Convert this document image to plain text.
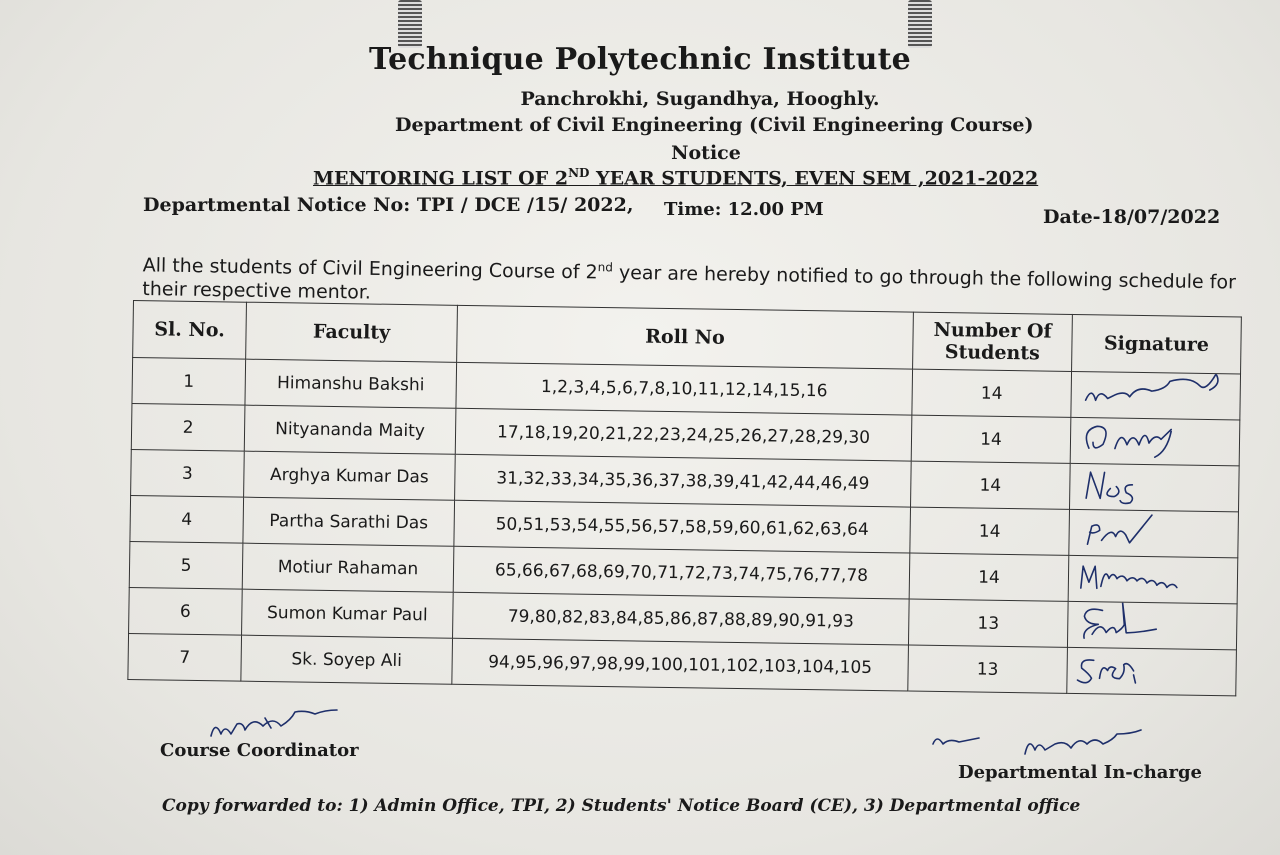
Technique Polytechnic Institute
Panchrokhi, Sugandhya, Hooghly.
Department of Civil Engineering (Civil Engineering Course)
Notice
MENTORING LIST OF 2ND YEAR STUDENTS, EVEN SEM ,2021-2022
Departmental Notice No: TPI / DCE /15/ 2022, Time: 12.00 PM	Date-18/07/2022
All the students of Civil Engineering Course of 2nd year are hereby notified to go through the following schedule for their respective mentor.
Sl. No.	Faculty	Roll No	Number Of Students	Signature
1	Himanshu Bakshi	1,2,3,4,5,6,7,8,10,11,12,14,15,16	14	
2	Nityananda Maity	17,18,19,20,21,22,23,24,25,26,27,28,29,30	14	
3	Arghya Kumar Das	31,32,33,34,35,36,37,38,39,41,42,44,46,49	14	
4	Partha Sarathi Das	50,51,53,54,55,56,57,58,59,60,61,62,63,64	14	
5	Motiur Rahaman	65,66,67,68,69,70,71,72,73,74,75,76,77,78	14	
6	Sumon Kumar Paul	79,80,82,83,84,85,86,87,88,89,90,91,93	13	
7	Sk. Soyep Ali	94,95,96,97,98,99,100,101,102,103,104,105	13	
Course Coordinator
Departmental In-charge
Copy forwarded to: 1) Admin Office, TPI, 2) Students' Notice Board (CE), 3) Departmental office
